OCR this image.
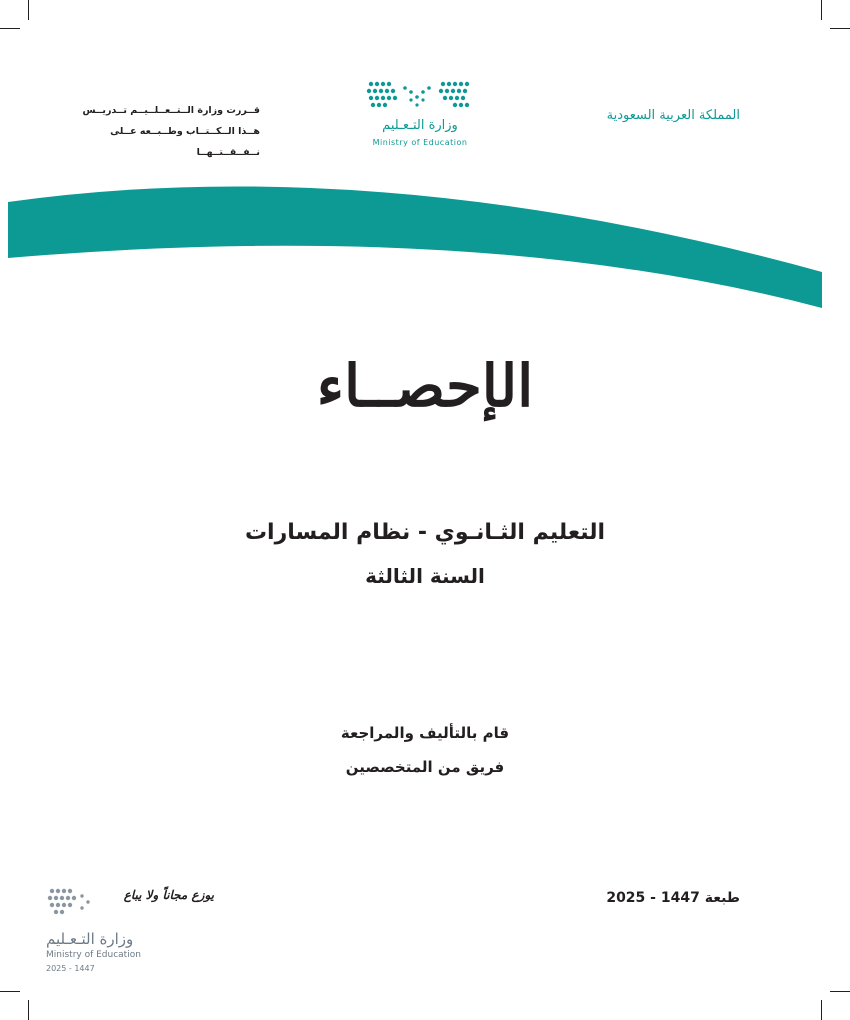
المملكة العربية السعودية
قــررت وزارة الــتــعــلــيــم تــدريــس
هــذا الــكــتــاب وطــبــعه عــلى نــفــقــتــهــا
وزارة التـعـليم
Ministry of Education
الإحصــاء
التعليم الثـانـوي - نظام المسارات
السنة الثالثة
قام بالتأليف والمراجعة
فريق من المتخصصين
طبعة 1447 - 2025
يوزع مجاناً ولا يباع
وزارة التـعـليم
Ministry of Education
2025 - 1447
